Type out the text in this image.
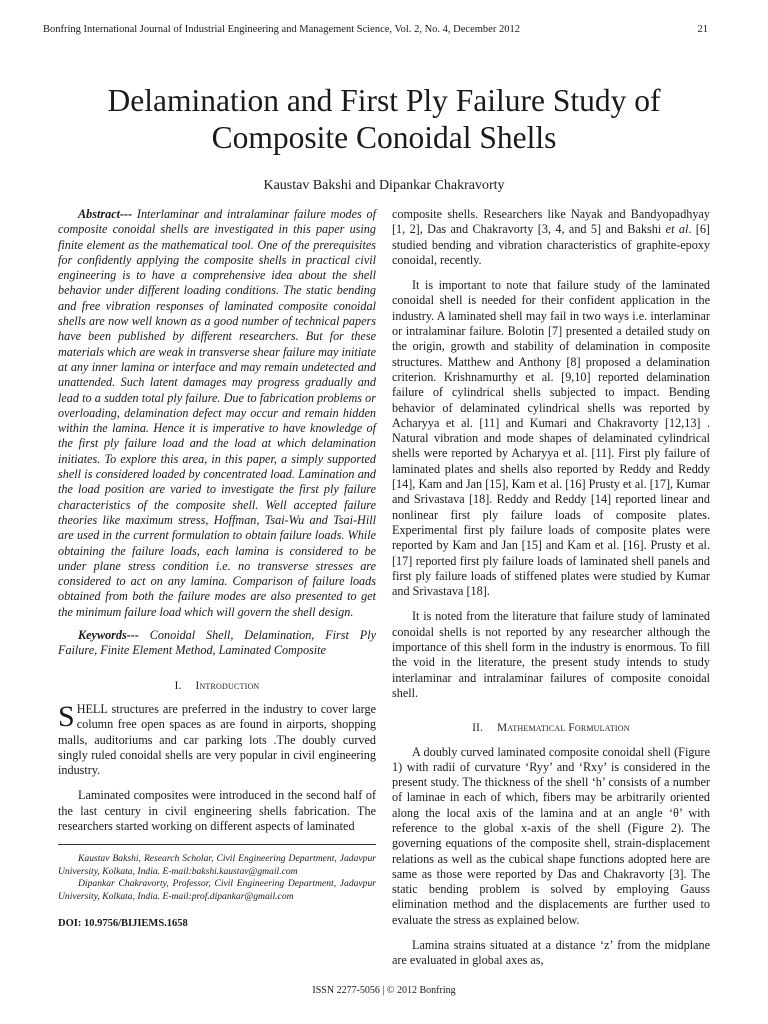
Bonfring International Journal of Industrial Engineering and Management Science, Vol. 2, No. 4, December 2012	21
Delamination and First Ply Failure Study of Composite Conoidal Shells
Kaustav Bakshi and Dipankar Chakravorty

Abstract--- Interlaminar and intralaminar failure modes of composite conoidal shells are investigated in this paper using finite element as the mathematical tool. One of the prerequisites for confidently applying the composite shells in practical civil engineering is to have a comprehensive idea about the shell behavior under different loading conditions. The static bending and free vibration responses of laminated composite conoidal shells are now well known as a good number of technical papers have been published by different researchers. But for these materials which are weak in transverse shear failure may initiate at any inner lamina or interface and may remain undetected and unattended. Such latent damages may progress gradually and lead to a sudden total ply failure. Due to fabrication problems or overloading, delamination defect may occur and remain hidden within the lamina. Hence it is imperative to have knowledge of the first ply failure load and the load at which delamination initiates. To explore this area, in this paper, a simply supported shell is considered loaded by concentrated load. Lamination and the load position are varied to investigate the first ply failure characteristics of the composite shell. Well accepted failure theories like maximum stress, Hoffman, Tsai-Wu and Tsai-Hill are used in the current formulation to obtain failure loads. While obtaining the failure loads, each lamina is considered to be under plane stress condition i.e. no transverse stresses are considered to act on any lamina. Comparison of failure loads obtained from both the failure modes are also presented to get the minimum failure load which will govern the shell design.

Keywords--- Conoidal Shell, Delamination, First Ply Failure, Finite Element Method, Laminated Composite

I. Introduction

SHELL structures are preferred in the industry to cover large column free open spaces as are found in airports, shopping malls, auditoriums and car parking lots .The doubly curved singly ruled conoidal shells are very popular in civil engineering industry.

Laminated composites were introduced in the second half of the last century in civil engineering shells fabrication. The researchers started working on different aspects of laminated

Kaustav Bakshi, Research Scholar, Civil Engineering Department, Jadavpur University, Kolkata, India. E-mail:bakshi.kaustav@gmail.com

Dipankar Chakravorty, Professor, Civil Engineering Department, Jadavpur University, Kolkata, India. E-mail:prof.dipankar@gmail.com

DOI: 10.9756/BIJIEMS.1658

composite shells. Researchers like Nayak and Bandyopadhyay [1, 2], Das and Chakravorty [3, 4, and 5] and Bakshi et al. [6] studied bending and vibration characteristics of graphite-epoxy conoidal, recently.

It is important to note that failure study of the laminated conoidal shell is needed for their confident application in the industry. A laminated shell may fail in two ways i.e. interlaminar or intralaminar failure. Bolotin [7] presented a detailed study on the origin, growth and stability of delamination in composite structures. Matthew and Anthony [8] proposed a delamination criterion. Krishnamurthy et al. [9,10] reported delamination failure of cylindrical shells subjected to impact. Bending behavior of delaminated cylindrical shells was reported by Acharyya et al. [11] and Kumari and Chakravorty [12,13] . Natural vibration and mode shapes of delaminated cylindrical shells were reported by Acharyya et al. [11]. First ply failure of laminated plates and shells also reported by Reddy and Reddy [14], Kam and Jan [15], Kam et al. [16] Prusty et al. [17], Kumar and Srivastava [18]. Reddy and Reddy [14] reported linear and nonlinear first ply failure loads of composite plates. Experimental first ply failure loads of composite plates were reported by Kam and Jan [15] and Kam et al. [16]. Prusty et al. [17] reported first ply failure loads of laminated shell panels and first ply failure loads of stiffened plates were studied by Kumar and Srivastava [18].

It is noted from the literature that failure study of laminated conoidal shells is not reported by any researcher although the importance of this shell form in the industry is enormous. To fill the void in the literature, the present study intends to study interlaminar and intralaminar failures of composite conoidal shell.

II. Mathematical Formulation

A doubly curved laminated composite conoidal shell (Figure 1) with radii of curvature ‘Ryy’ and ‘Rxy’ is considered in the present study. The thickness of the shell ‘h’ consists of a number of laminae in each of which, fibers may be arbitrarily oriented along the local axis of the lamina and at an angle ‘θ’ with reference to the global x-axis of the shell (Figure 2). The governing equations of the composite shell, strain-displacement relations as well as the cubical shape functions adopted here are same as those were reported by Das and Chakravorty [3]. The static bending problem is solved by employing Gauss elimination method and the displacements are further used to evaluate the stress as explained below.

Lamina strains situated at a distance ‘z’ from the midplane are evaluated in global axes as,

ISSN 2277-5056 | © 2012 Bonfring
